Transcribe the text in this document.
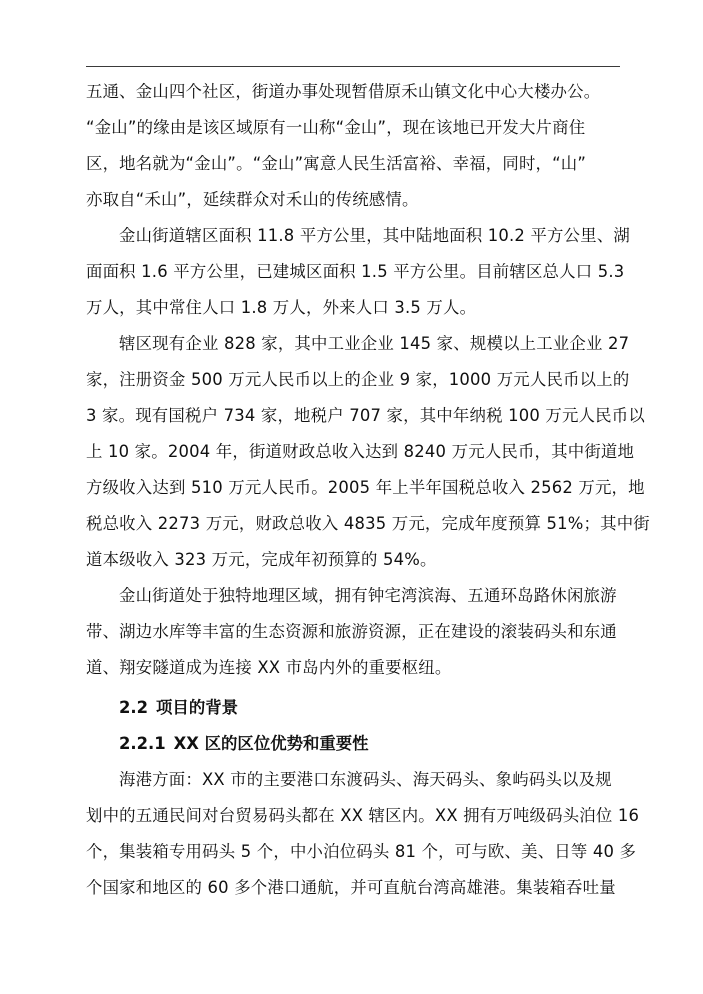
五通、金山四个社区，街道办事处现暂借原禾山镇文化中心大楼办公。

“金山”的缘由是该区域原有一山称“金山”，现在该地已开发大片商住
区，地名就为“金山”。“金山”寓意人民生活富裕、幸福，同时，“山”
亦取自“禾山”，延续群众对禾山的传统感情。

金山街道辖区面积 11.8 平方公里，其中陆地面积 10.2 平方公里、湖
面面积 1.6 平方公里，已建城区面积 1.5 平方公里。目前辖区总人口 5.3
万人，其中常住人口 1.8 万人，外来人口 3.5 万人。

辖区现有企业 828 家，其中工业企业 145 家、规模以上工业企业 27
家，注册资金 500 万元人民币以上的企业 9 家，1000 万元人民币以上的
3 家。现有国税户 734 家，地税户 707 家，其中年纳税 100 万元人民币以
上 10 家。2004 年，街道财政总收入达到 8240 万元人民币，其中街道地
方级收入达到 510 万元人民币。2005 年上半年国税总收入 2562 万元，地
税总收入 2273 万元，财政总收入 4835 万元，完成年度预算 51%；其中街
道本级收入 323 万元，完成年初预算的 54%。

金山街道处于独特地理区域，拥有钟宅湾滨海、五通环岛路休闲旅游
带、湖边水库等丰富的生态资源和旅游资源，正在建设的滚装码头和东通
道、翔安隧道成为连接 XX 市岛内外的重要枢纽。

2.2 项目的背景
2.2.1 XX 区的区位优势和重要性

海港方面：XX 市的主要港口东渡码头、海天码头、象屿码头以及规
划中的五通民间对台贸易码头都在 XX 辖区内。XX 拥有万吨级码头泊位 16
个，集装箱专用码头 5 个，中小泊位码头 81 个，可与欧、美、日等 40 多
个国家和地区的 60 多个港口通航，并可直航台湾高雄港。集装箱吞吐量
